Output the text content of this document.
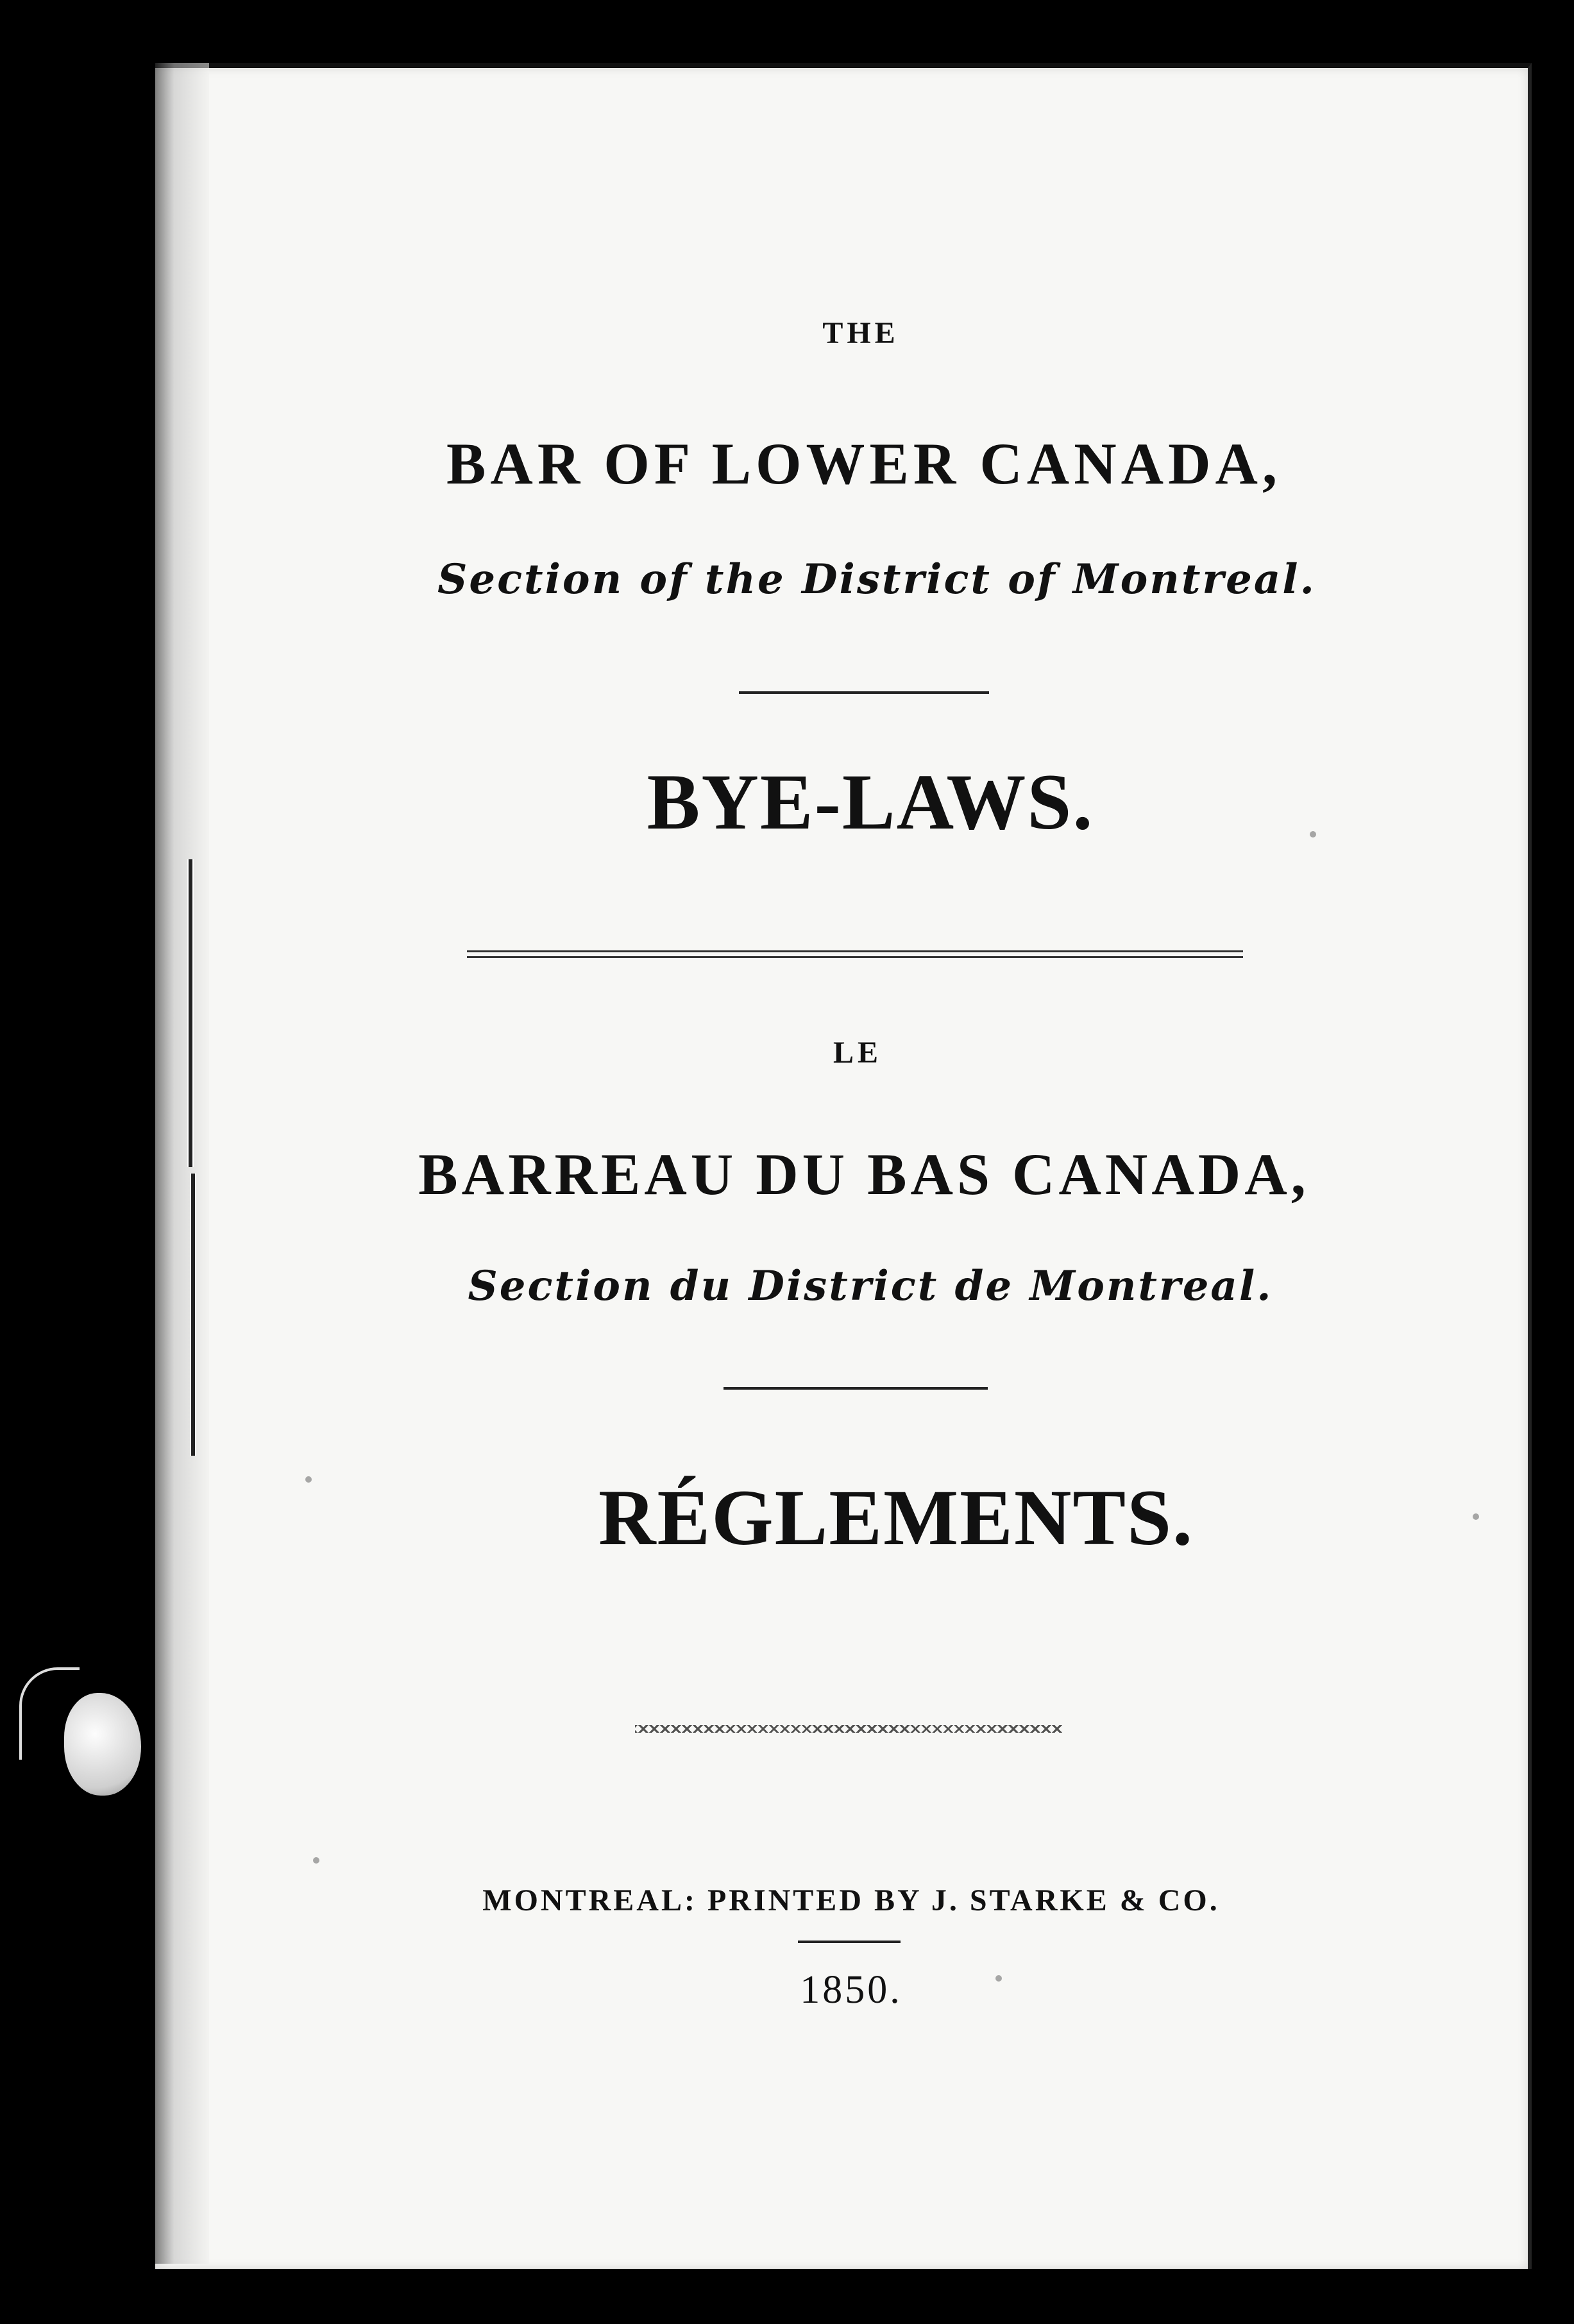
THE
BAR OF LOWER CANADA,
Section of the District of Montreal.
BYE-LAWS.
LE
BARREAU DU BAS CANADA,
Section du District de Montreal.
RÉGLEMENTS.
MONTREAL: PRINTED BY J. STARKE & CO.
1850.
